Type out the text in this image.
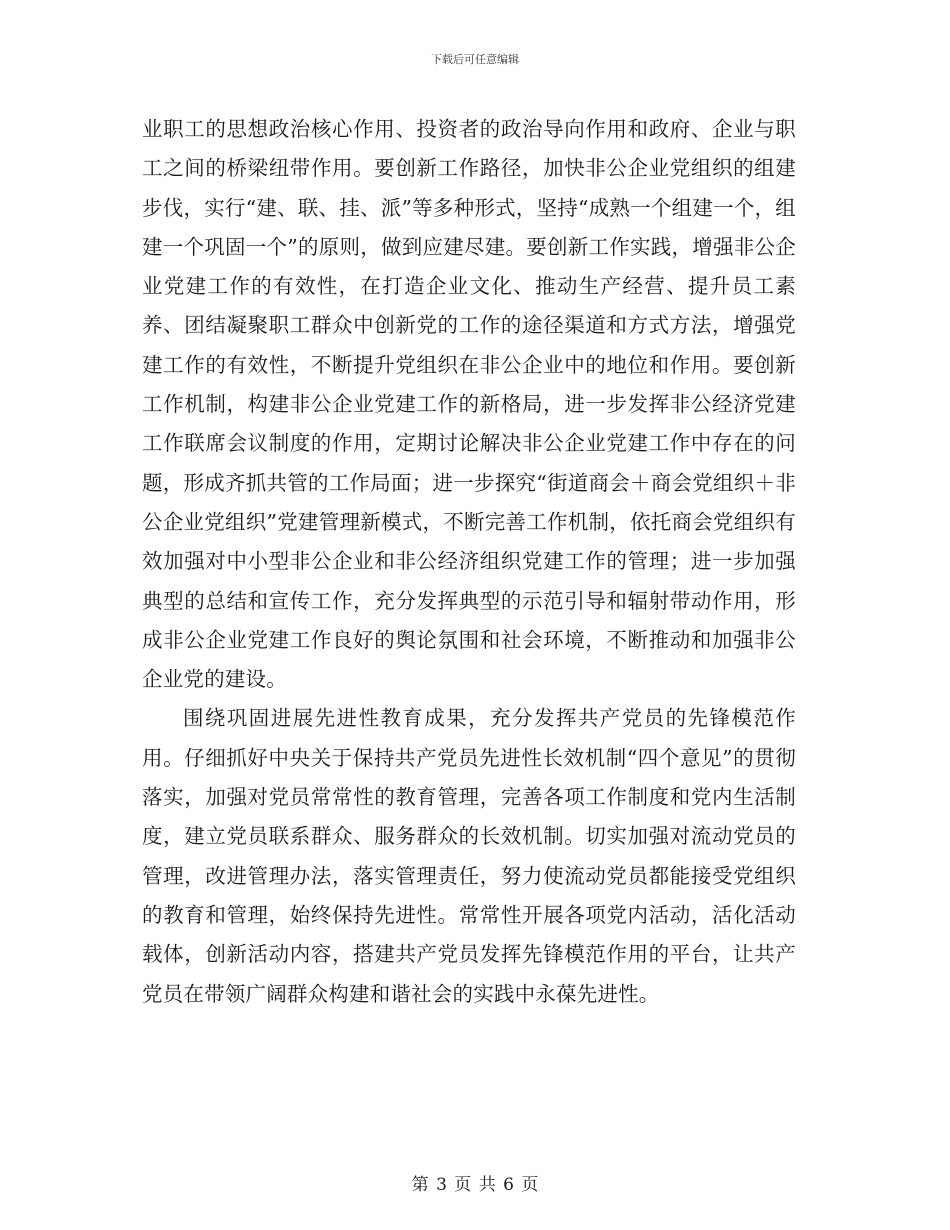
下载后可任意编辑

业职工的思想政治核心作用、投资者的政治导向作用和政府、企业与职工之间的桥梁纽带作用。要创新工作路径，加快非公企业党组织的组建步伐，实行“建、联、挂、派”等多种形式，坚持“成熟一个组建一个，组建一个巩固一个”的原则，做到应建尽建。要创新工作实践，增强非公企业党建工作的有效性，在打造企业文化、推动生产经营、提升员工素养、团结凝聚职工群众中创新党的工作的途径渠道和方式方法，增强党建工作的有效性，不断提升党组织在非公企业中的地位和作用。要创新工作机制，构建非公企业党建工作的新格局，进一步发挥非公经济党建工作联席会议制度的作用，定期讨论解决非公企业党建工作中存在的问题，形成齐抓共管的工作局面；进一步探究“街道商会＋商会党组织＋非公企业党组织”党建管理新模式，不断完善工作机制，依托商会党组织有效加强对中小型非公企业和非公经济组织党建工作的管理；进一步加强典型的总结和宣传工作，充分发挥典型的示范引导和辐射带动作用，形成非公企业党建工作良好的舆论氛围和社会环境，不断推动和加强非公企业党的建设。

围绕巩固进展先进性教育成果，充分发挥共产党员的先锋模范作用。仔细抓好中央关于保持共产党员先进性长效机制“四个意见”的贯彻落实，加强对党员常常性的教育管理，完善各项工作制度和党内生活制度，建立党员联系群众、服务群众的长效机制。切实加强对流动党员的管理，改进管理办法，落实管理责任，努力使流动党员都能接受党组织的教育和管理，始终保持先进性。常常性开展各项党内活动，活化活动载体，创新活动内容，搭建共产党员发挥先锋模范作用的平台，让共产党员在带领广阔群众构建和谐社会的实践中永葆先进性。

第 3 页 共 6 页
